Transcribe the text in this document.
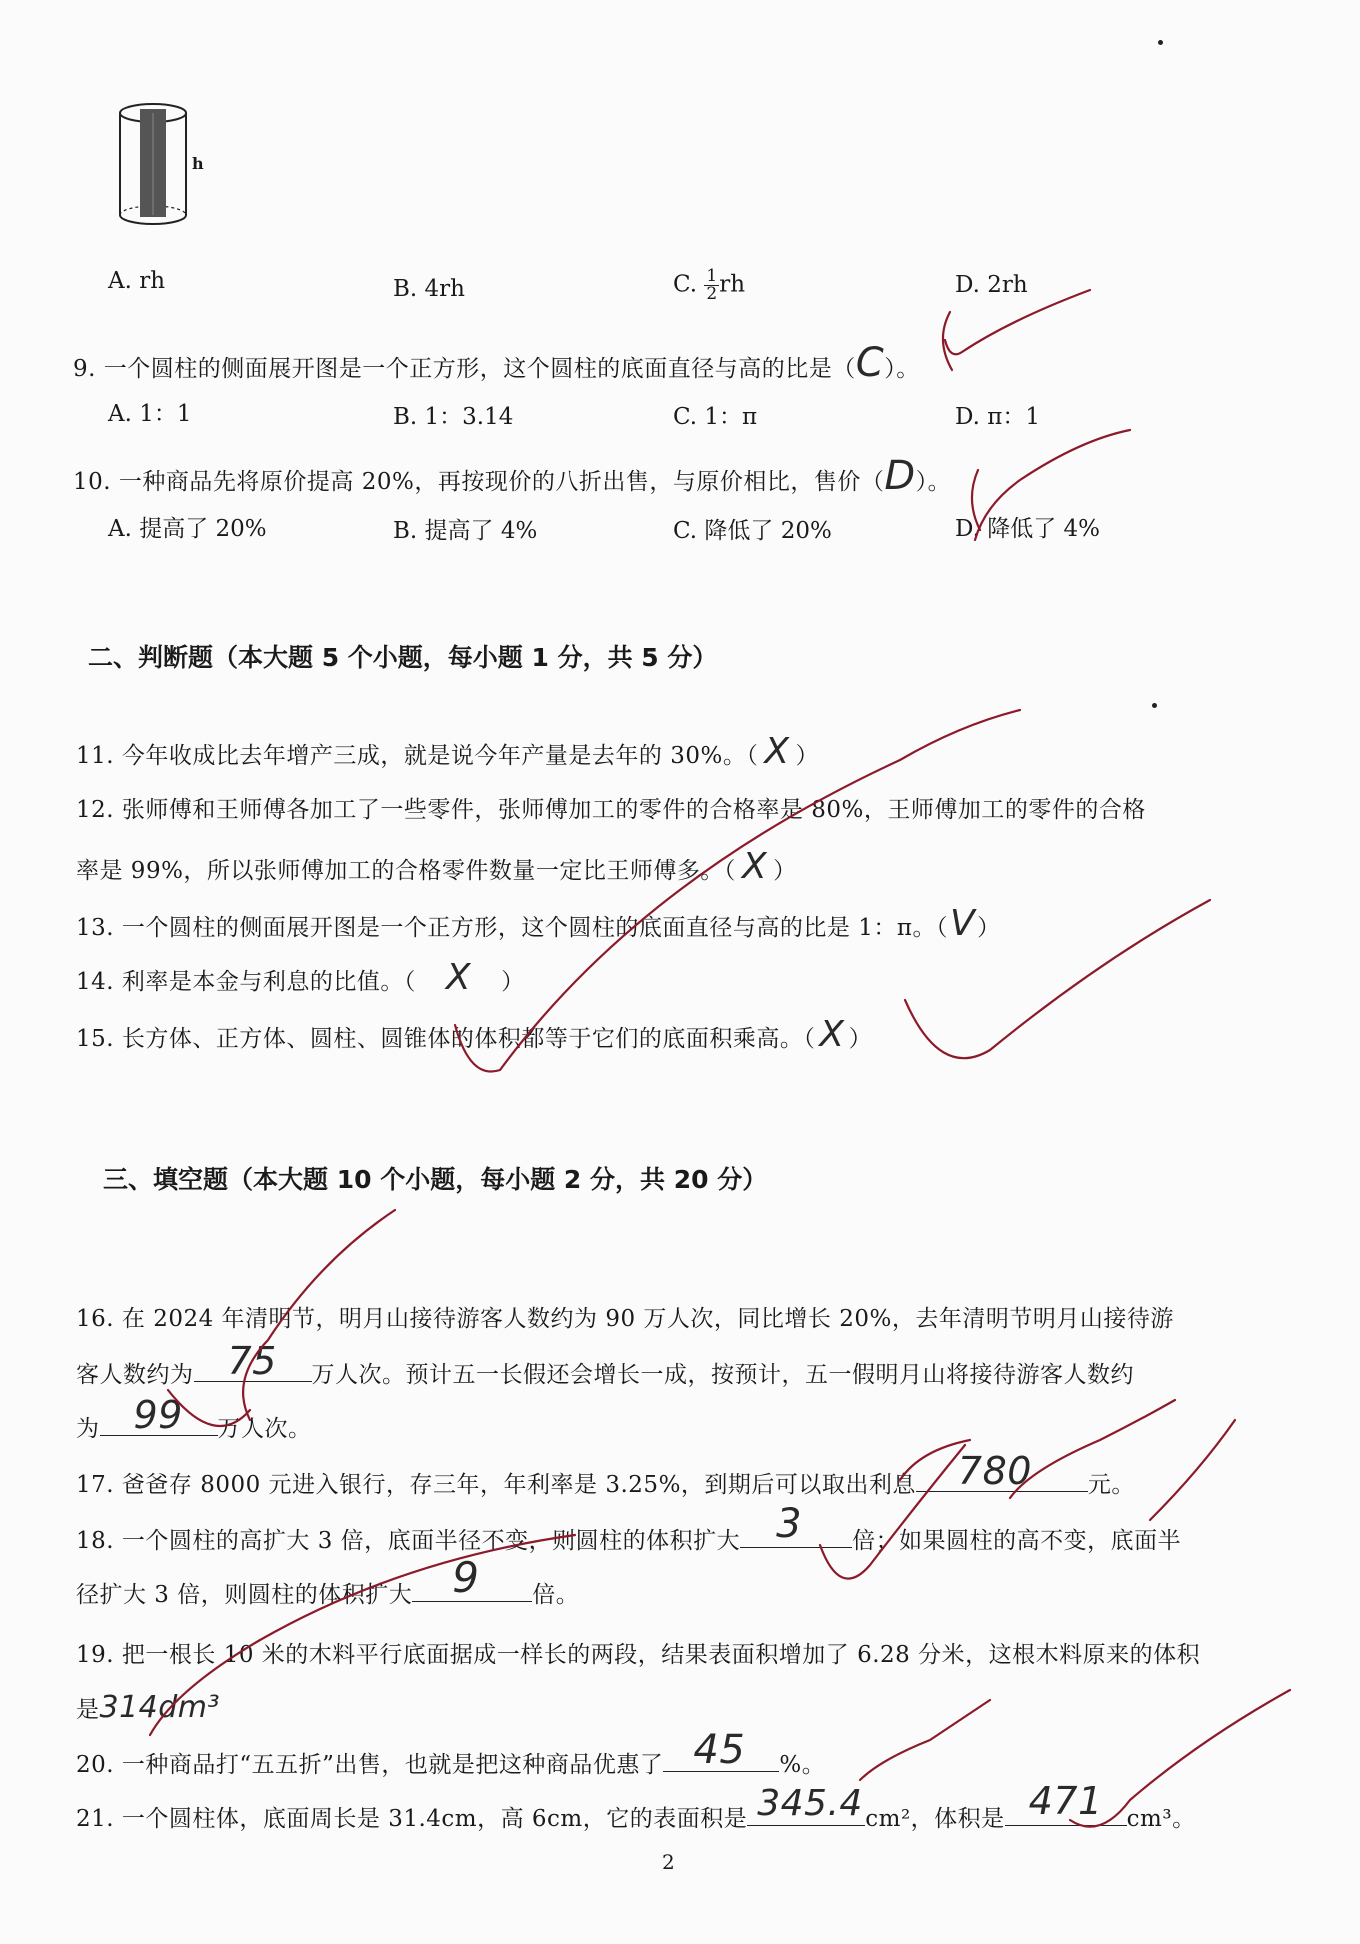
h
A. rh	B. 4rh	C. $\frac{1}{2}$ rh	D. 2rh
9. 一个圆柱的侧面展开图是一个正方形，这个圆柱的底面直径与高的比是（C）。
A. 1：1	B. 1：3.14	C. 1：π	D. π：1
10. 一种商品先将原价提高 20%，再按现价的八折出售，与原价相比，售价（D）。
A. 提高了 20%	B. 提高了 4%	C. 降低了 20%	D. 降低了 4%
二、判断题（本大题 5 个小题，每小题 1 分，共 5 分）
11. 今年收成比去年增产三成，就是说今年产量是去年的 30%。（ X ）
12. 张师傅和王师傅各加工了一些零件，张师傅加工的零件的合格率是 80%，王师傅加工的零件的合格
率是 99%，所以张师傅加工的合格零件数量一定比王师傅多。（ X ）
13. 一个圆柱的侧面展开图是一个正方形，这个圆柱的底面直径与高的比是 1：π。（V）
14. 利率是本金与利息的比值。（ X ）
15. 长方体、正方体、圆柱、圆锥体的体积都等于它们的底面积乘高。（ X ）
三、填空题（本大题 10 个小题，每小题 2 分，共 20 分）
16. 在 2024 年清明节，明月山接待游客人数约为 90 万人次，同比增长 20%，去年清明节明月山接待游
客人数约为 75 万人次。预计五一长假还会增长一成，按预计，五一假明月山将接待游客人数约
为 99 万人次。
17. 爸爸存 8000 元进入银行，存三年，年利率是 3.25%，到期后可以取出利息 780 元。
18. 一个圆柱的高扩大 3 倍，底面半径不变，则圆柱的体积扩大 3 倍；如果圆柱的高不变，底面半
径扩大 3 倍，则圆柱的体积扩大 9 倍。
19. 把一根长 10 米的木料平行底面据成一样长的两段，结果表面积增加了 6.28 分米，这根木料原来的体积
是314dm³
20. 一种商品打“五五折”出售，也就是把这种商品优惠了 45 %。
21. 一个圆柱体，底面周长是 31.4cm，高 6cm，它的表面积是 345.4 cm²，体积是 471 cm³。
2
